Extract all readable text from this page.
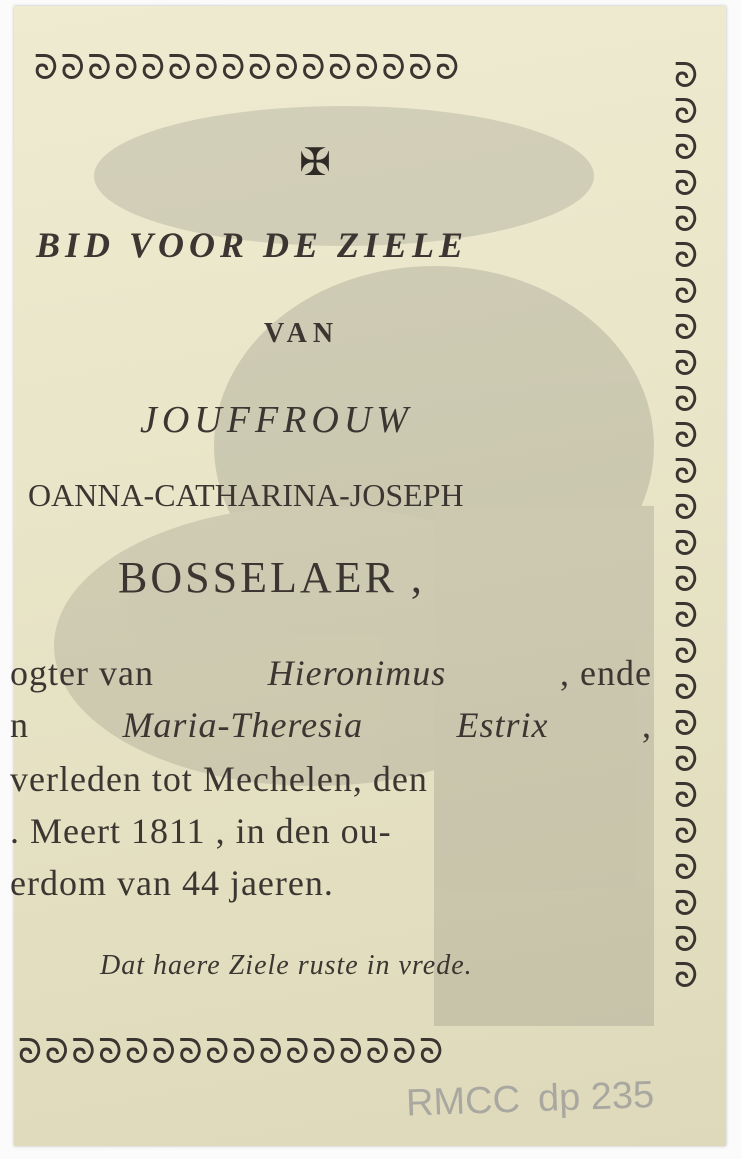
ᘐ ᘐ ᘐ ᘐ ᘐ ᘐ ᘐ ᘐ ᘐ ᘐ ᘐ ᘐ ᘐ ᘐ ᘐ ᘐ	ᘐᘐᘐᘐᘐᘐᘐᘐᘐᘐᘐᘐᘐᘐᘐᘐᘐᘐᘐᘐᘐᘐᘐᘐᘐᘐ
ᘐ ᘐ ᘐ ᘐ ᘐ ᘐ ᘐ ᘐ ᘐ ᘐ ᘐ ᘐ ᘐ ᘐ ᘐ ᘐ
✠
BID VOOR DE ZIELE
VAN
JOUFFROUW
OANNA-CATHARINA-JOSEPH
BOSSELAER ,
ogter van	Hieronimus	, ende
n	Maria-Theresia	Estrix	,
verleden tot Mechelen, den
. Meert 1811 , in den ou-
erdom van 44 jaeren.
Dat haere Ziele ruste in vrede.
RMCC dp 235
